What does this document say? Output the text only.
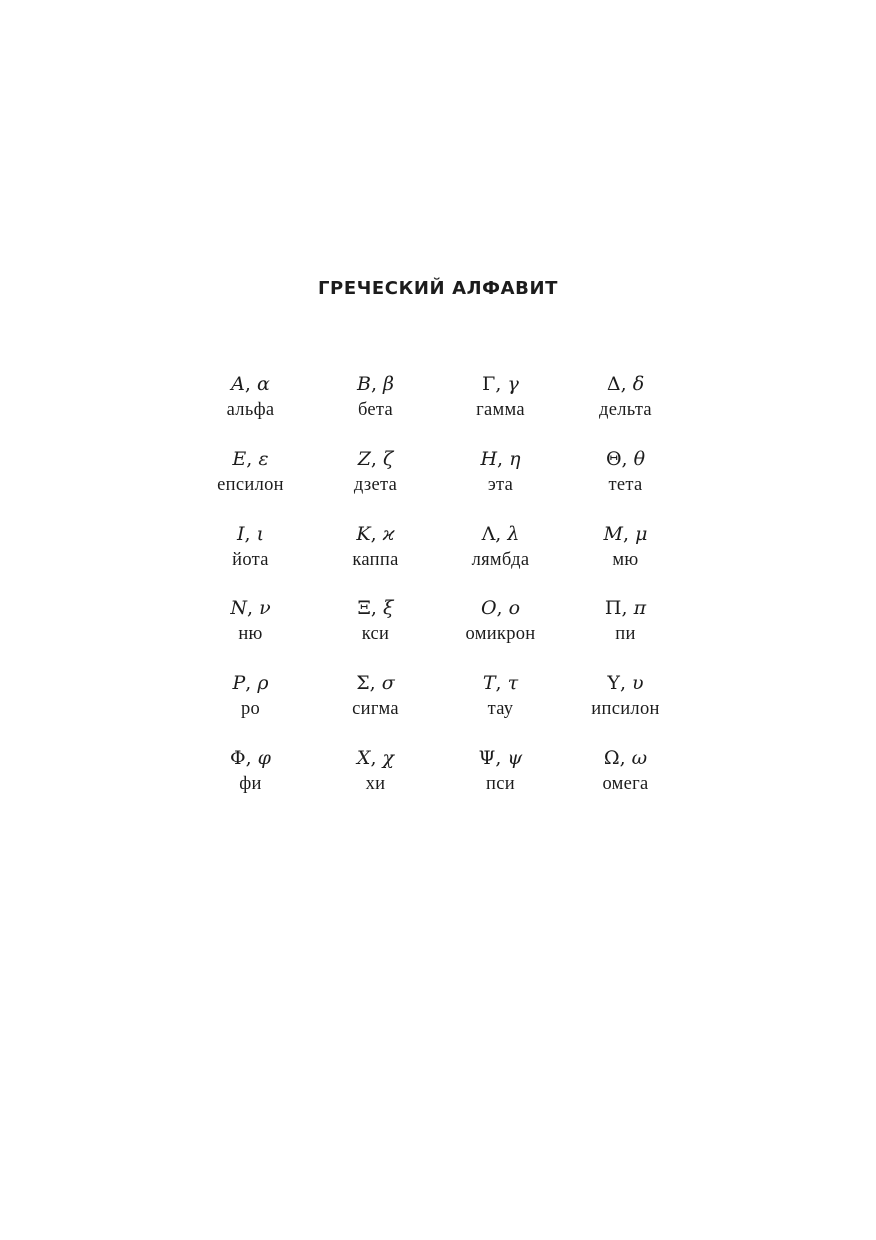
ГРЕЧЕСКИЙ АЛФАВИТ
A, α
альфа
B, β
бета
Γ, γ
гамма
Δ, δ
дельта
E, ε
епсилон
Z, ζ
дзета
H, η
эта
Θ, θ
тета
I, ι
йота
K, ϰ
каппа
Λ, λ
лямбда
M, μ
мю
N, ν
ню
Ξ, ξ
кси
O, o
омикрон
Π, π
пи
P, ρ
ро
Σ, σ
сигма
T, τ
тау
Υ, υ
ипсилон
Φ, φ
фи
X, χ
хи
Ψ, ψ
пси
Ω, ω
омега
